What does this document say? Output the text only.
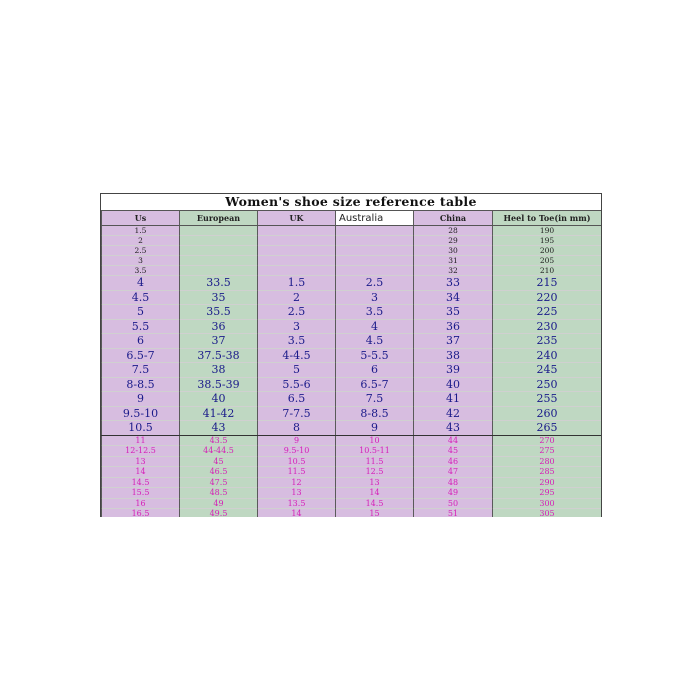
Women's shoe size reference table
Us	European	UK	Australia	China	Heel to Toe(in mm)
1.5				28	190
2				29	195
2.5				30	200
3				31	205
3.5				32	210
4	33.5	1.5	2.5	33	215
4.5	35	2	3	34	220
5	35.5	2.5	3.5	35	225
5.5	36	3	4	36	230
6	37	3.5	4.5	37	235
6.5-7	37.5-38	4-4.5	5-5.5	38	240
7.5	38	5	6	39	245
8-8.5	38.5-39	5.5-6	6.5-7	40	250
9	40	6.5	7.5	41	255
9.5-10	41-42	7-7.5	8-8.5	42	260
10.5	43	8	9	43	265
11	43.5	9	10	44	270
12-12.5	44-44.5	9.5-10	10.5-11	45	275
13	45	10.5	11.5	46	280
14	46.5	11.5	12.5	47	285
14.5	47.5	12	13	48	290
15.5	48.5	13	14	49	295
16	49	13.5	14.5	50	300
16.5	49.5	14	15	51	305
